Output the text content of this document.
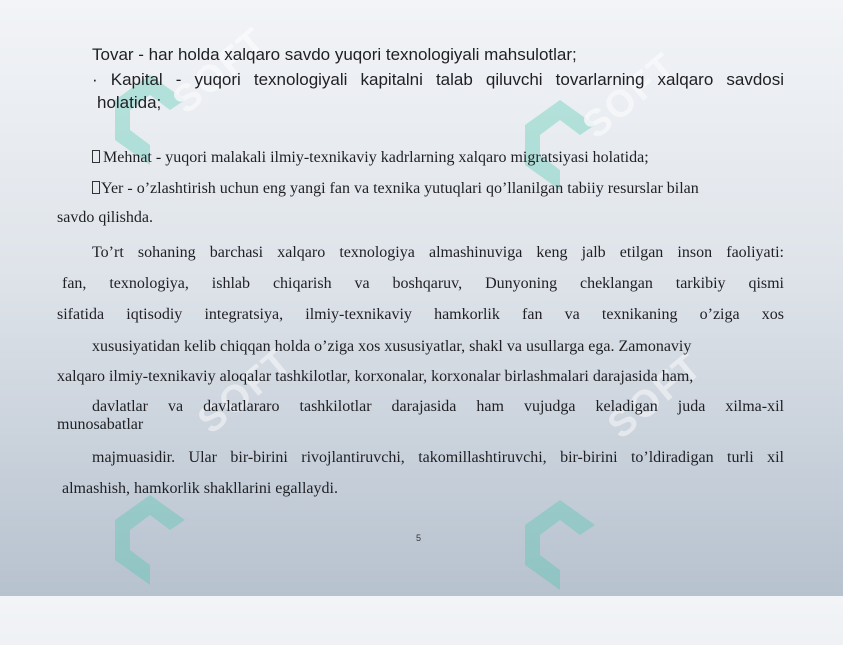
SOFT	SOFT
SOFT	SOFT
Tovar - har holda xalqaro savdo yuqori texnologiyali mahsulotlar;
· Kapital - yuqori texnologiyali kapitalni talab qiluvchi tovarlarning xalqaro savdosi
holatida;
Mehnat - yuqori malakali ilmiy-texnikaviy kadrlarning xalqaro migratsiyasi holatida;
Yer - o’zlashtirish uchun eng yangi fan va texnika yutuqlari qo’llanilgan tabiiy resurslar bilan
savdo qilishda.
To’rt sohaning barchasi xalqaro texnologiya almashinuviga keng jalb etilgan inson faoliyati:
fan, texnologiya, ishlab chiqarish va boshqaruv, Dunyoning cheklangan tarkibiy qismi
sifatida iqtisodiy integratsiya, ilmiy-texnikaviy hamkorlik fan va texnikaning o’ziga xos
xususiyatidan kelib chiqqan holda o’ziga xos xususiyatlar, shakl va usullarga ega. Zamonaviy
xalqaro ilmiy-texnikaviy aloqalar tashkilotlar, korxonalar, korxonalar birlashmalari darajasida ham,
davlatlar va davlatlararo tashkilotlar darajasida ham vujudga keladigan juda xilma-xil
munosabatlar
majmuasidir. Ular bir-birini rivojlantiruvchi, takomillashtiruvchi, bir-birini to’ldiradigan turli xil
almashish, hamkorlik shakllarini egallaydi.
5
